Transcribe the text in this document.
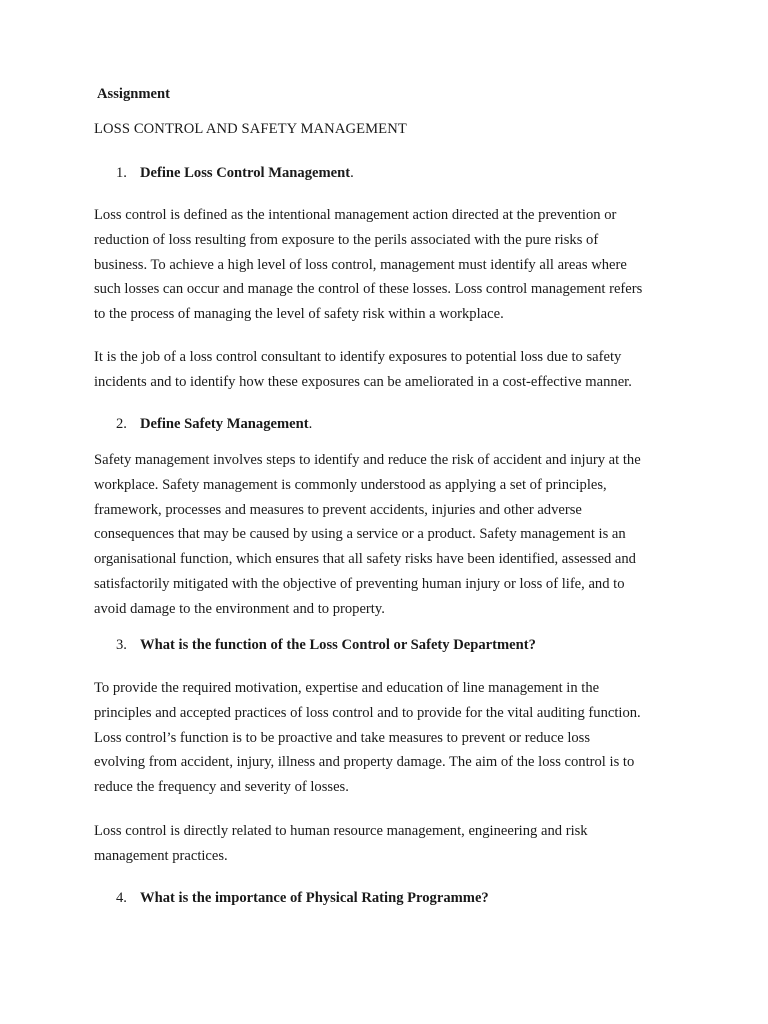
Assignment
LOSS CONTROL AND SAFETY MANAGEMENT
1. Define Loss Control Management.
Loss control is defined as the intentional management action directed at the prevention or
reduction of loss resulting from exposure to the perils associated with the pure risks of
business. To achieve a high level of loss control, management must identify all areas where
such losses can occur and manage the control of these losses. Loss control management refers
to the process of managing the level of safety risk within a workplace.
It is the job of a loss control consultant to identify exposures to potential loss due to safety
incidents and to identify how these exposures can be ameliorated in a cost-effective manner.
2. Define Safety Management.
Safety management involves steps to identify and reduce the risk of accident and injury at the
workplace. Safety management is commonly understood as applying a set of principles,
framework, processes and measures to prevent accidents, injuries and other adverse
consequences that may be caused by using a service or a product. Safety management is an
organisational function, which ensures that all safety risks have been identified, assessed and
satisfactorily mitigated with the objective of preventing human injury or loss of life, and to
avoid damage to the environment and to property.
3. What is the function of the Loss Control or Safety Department?
To provide the required motivation, expertise and education of line management in the
principles and accepted practices of loss control and to provide for the vital auditing function.
Loss control’s function is to be proactive and take measures to prevent or reduce loss
evolving from accident, injury, illness and property damage. The aim of the loss control is to
reduce the frequency and severity of losses.
Loss control is directly related to human resource management, engineering and risk
management practices.
4. What is the importance of Physical Rating Programme?
